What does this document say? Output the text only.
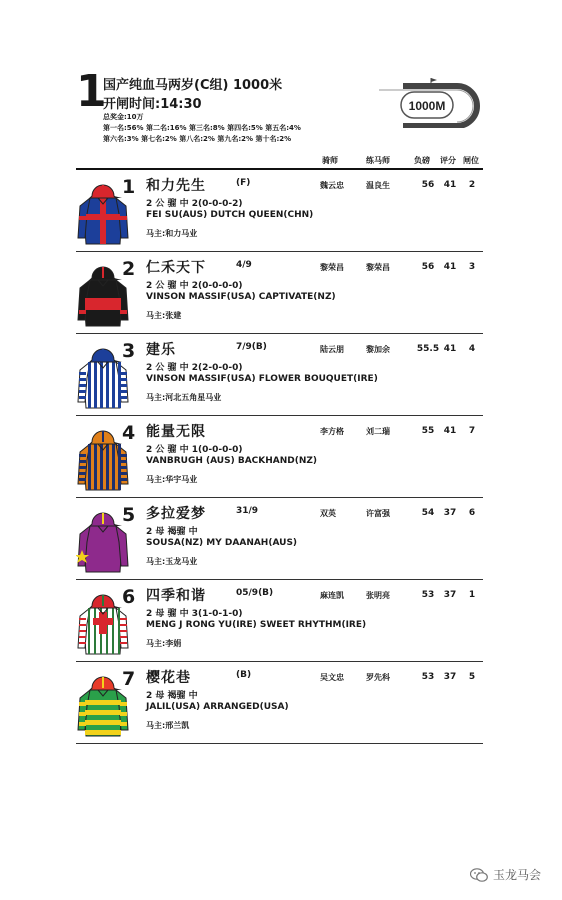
1
国产纯血马两岁(C组) 1000米
开闸时间:14:30
总奖金:10万
第一名:56% 第二名:16% 第三名:8% 第四名:5% 第五名:4%
第六名:3% 第七名:2% 第八名:2% 第九名:2% 第十名:2%
1000M
骑师	练马师	负磅 评分 闸位
1 和力先生	(F)	魏云忠	温良生	56	41	2
2 公 骝 中 2(0-0-0-2)
FEI SU(AUS) DUTCH QUEEN(CHN)
马主:和力马业
2 仁禾天下	4/9	黎荣昌	黎荣昌	56	41	3
2 公 骝 中 2(0-0-0-0)
VINSON MASSIF(USA) CAPTIVATE(NZ)
马主:张建
3 建乐	7/9(B)	陆云朋	黎加余	55.5 41	4
2 公 骝 中 2(2-0-0-0)
VINSON MASSIF(USA) FLOWER BOUQUET(IRE)
马主:河北五角星马业
4 能量无限	李方格	刘二瑞	55	41	7
2 公 骝 中 1(0-0-0-0)
VANBRUGH (AUS) BACKHAND(NZ)
马主:华宇马业
5 多拉爱梦	31/9	双英	许富强	54	37	6
2 母 褐骝 中
SOUSA(NZ) MY DAANAH(AUS)
马主:玉龙马业
6 四季和谐	05/9(B)	麻连凯	张明亮	53	37	1
2 母 骝 中 3(1-0-1-0)
MENG J RONG YU(IRE) SWEET RHYTHM(IRE)
马主:李娟
7 樱花巷	(B)	吴文忠	罗先科	53	37	5
2 母 褐骝 中
JALIL(USA) ARRANGED(USA)
马主:邢兰凯
玉龙马会
